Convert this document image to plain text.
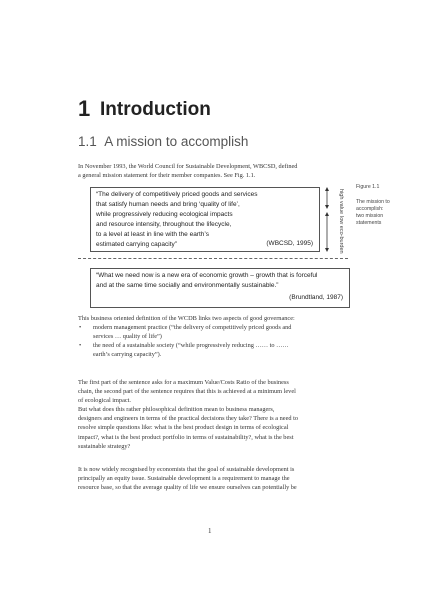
1 Introduction
1.1 A mission to accomplish
In November 1993, the World Council for Sustainable Development, WBCSD, defined
a general mission statement for their member companies. See Fig. 1.1.
“The delivery of competitively priced goods and services
that satisfy human needs and bring ‘quality of life’,
while progressively reducing ecological impacts
and resource intensity, throughout the lifecycle,
to a level at least in line with the earth’s
estimated carrying capacity”	(WBCSD, 1995)
high value
low eco-burden
Figure 1.1
The mission to
accomplish:
two mission
statements
“What we need now is a new era of economic growth – growth that is forceful
and at the same time socially and environmentally sustainable.”
(Brundtland, 1987)
This business oriented definition of the WCDB links two aspects of good governance:
• modern management practice (“the delivery of competitively priced goods and
services … quality of life”)
• the need of a sustainable society (“while progressively reducing …… to ……
earth’s carrying capacity”).
The first part of the sentence asks for a maximum Value/Costs Ratio of the business
chain, the second part of the sentence requires that this is achieved at a minimum level
of ecological impact.
But what does this rather philosophical definition mean to business managers,
designers and engineers in terms of the practical decisions they take? There is a need to
resolve simple questions like: what is the best product design in terms of ecological
impact?, what is the best product portfolio in terms of sustainability?, what is the best
sustainable strategy?
It is now widely recognised by economists that the goal of sustainable development is
principally an equity issue. Sustainable development is a requirement to manage the
resource base, so that the average quality of life we ensure ourselves can potentially be
1
